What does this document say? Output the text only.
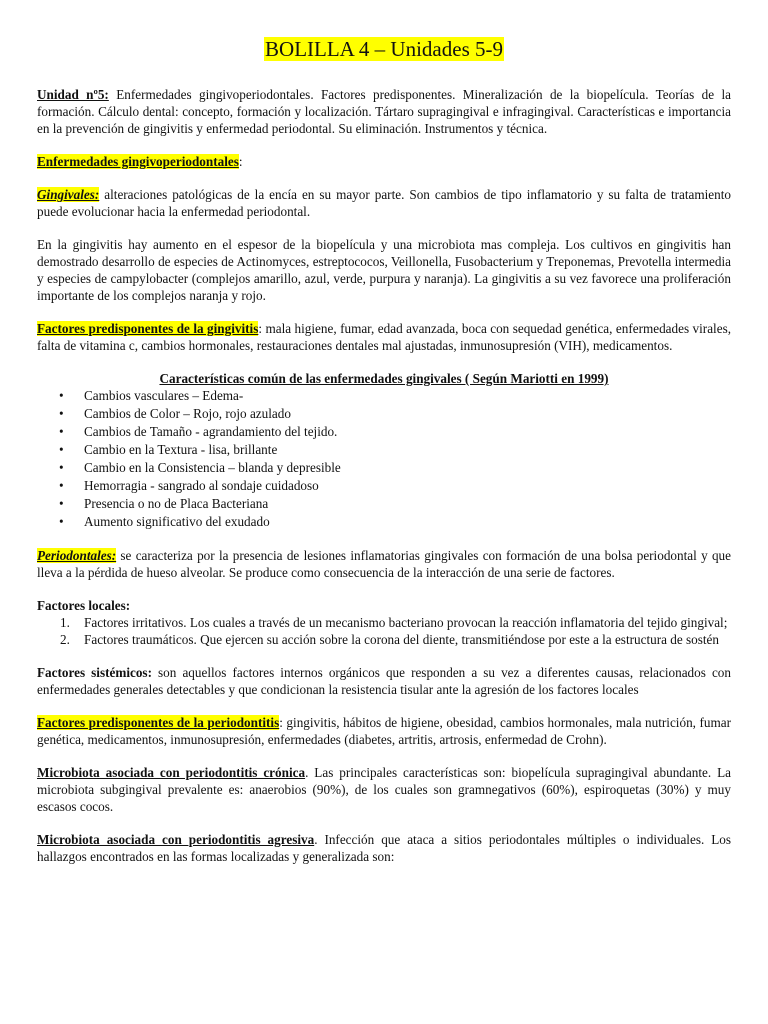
BOLILLA 4 – Unidades 5-9

Unidad nº5: Enfermedades gingivoperiodontales. Factores predisponentes. Mineralización de la biopelícula. Teorías de la formación. Cálculo dental: concepto, formación y localización. Tártaro supragingival e infragingival. Características e importancia en la prevención de gingivitis y enfermedad periodontal. Su eliminación. Instrumentos y técnica.

Enfermedades gingivoperiodontales:

Gingivales: alteraciones patológicas de la encía en su mayor parte. Son cambios de tipo inflamatorio y su falta de tratamiento puede evolucionar hacia la enfermedad periodontal.

En la gingivitis hay aumento en el espesor de la biopelícula y una microbiota mas compleja. Los cultivos en gingivitis han demostrado desarrollo de especies de Actinomyces, estreptococos, Veillonella, Fusobacterium y Treponemas, Prevotella intermedia y especies de campylobacter (complejos amarillo, azul, verde, purpura y naranja). La gingivitis a su vez favorece una proliferación importante de los complejos naranja y rojo.

Factores predisponentes de la gingivitis: mala higiene, fumar, edad avanzada, boca con sequedad genética, enfermedades virales, falta de vitamina c, cambios hormonales, restauraciones dentales mal ajustadas, inmunosupresión (VIH), medicamentos.

Características común de las enfermedades gingivales ( Según Mariotti en 1999)

• Cambios vasculares – Edema-
• Cambios de Color – Rojo, rojo azulado
• Cambios de Tamaño - agrandamiento del tejido.
• Cambio en la Textura - lisa, brillante
• Cambio en la Consistencia – blanda y depresible
• Hemorragia - sangrado al sondaje cuidadoso
• Presencia o no de Placa Bacteriana
• Aumento significativo del exudado

Periodontales: se caracteriza por la presencia de lesiones inflamatorias gingivales con formación de una bolsa periodontal y que lleva a la pérdida de hueso alveolar. Se produce como consecuencia de la interacción de una serie de factores.

Factores locales:

1. Factores irritativos. Los cuales a través de un mecanismo bacteriano provocan la reacción inflamatoria del tejido gingival;
2. Factores traumáticos. Que ejercen su acción sobre la corona del diente, transmitiéndose por este a la estructura de sostén

Factores sistémicos: son aquellos factores internos orgánicos que responden a su vez a diferentes causas, relacionados con enfermedades generales detectables y que condicionan la resistencia tisular ante la agresión de los factores locales

Factores predisponentes de la periodontitis: gingivitis, hábitos de higiene, obesidad, cambios hormonales, mala nutrición, fumar genética, medicamentos, inmunosupresión, enfermedades (diabetes, artritis, artrosis, enfermedad de Crohn).

Microbiota asociada con periodontitis crónica. Las principales características son: biopelícula supragingival abundante. La microbiota subgingival prevalente es: anaerobios (90%), de los cuales son gramnegativos (60%), espiroquetas (30%) y muy escasos cocos.

Microbiota asociada con periodontitis agresiva. Infección que ataca a sitios periodontales múltiples o individuales. Los hallazgos encontrados en las formas localizadas y generalizada son:
